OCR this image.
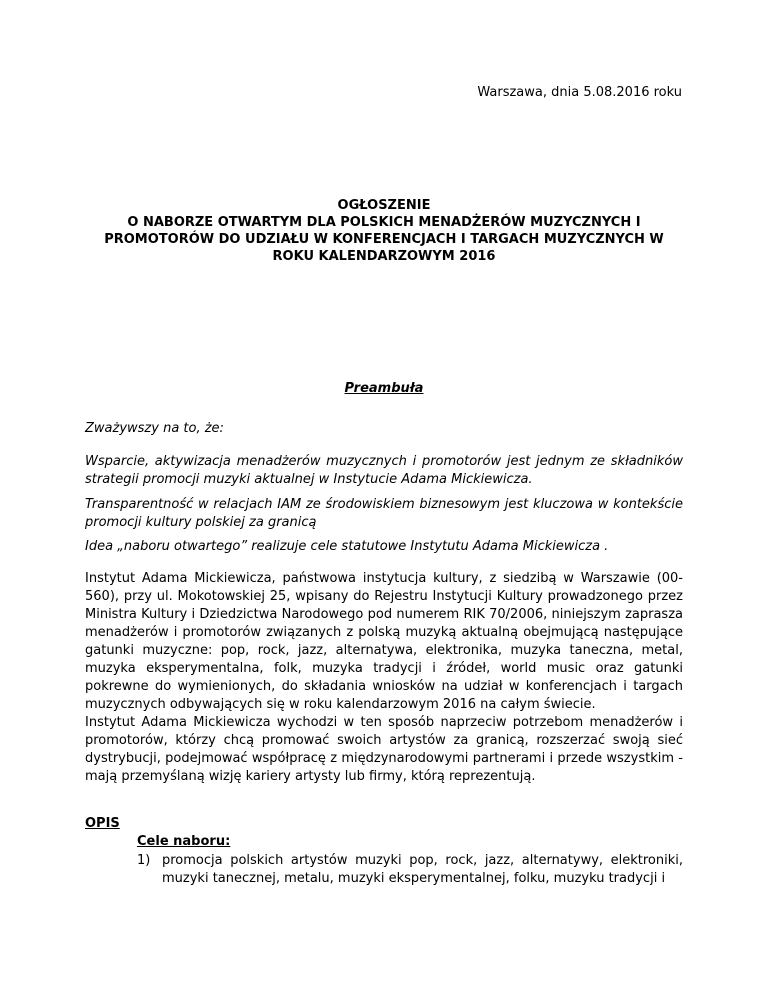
Warszawa, dnia 5.08.2016 roku
OGŁOSZENIE
O NABORZE OTWARTYM DLA POLSKICH MENADŻERÓW MUZYCZNYCH I
PROMOTORÓW DO UDZIAŁU W KONFERENCJACH I TARGACH MUZYCZNYCH W
ROKU KALENDARZOWYM 2016
Preambuła
Zważywszy na to, że:
Wsparcie, aktywizacja menadżerów muzycznych i promotorów jest jednym ze składników strategii promocji muzyki aktualnej w Instytucie Adama Mickiewicza.
Transparentność w relacjach IAM ze środowiskiem biznesowym jest kluczowa w kontekście promocji kultury polskiej za granicą
Idea „naboru otwartego” realizuje cele statutowe Instytutu Adama Mickiewicza .

Instytut Adama Mickiewicza, państwowa instytucja kultury, z siedzibą w Warszawie (00-560), przy ul. Mokotowskiej 25, wpisany do Rejestru Instytucji Kultury prowadzonego przez Ministra Kultury i Dziedzictwa Narodowego pod numerem RIK 70/2006, niniejszym zaprasza menadżerów i promotorów związanych z polską muzyką aktualną obejmującą następujące gatunki muzyczne: pop, rock, jazz, alternatywa, elektronika, muzyka taneczna, metal, muzyka eksperymentalna, folk, muzyka tradycji i źródeł, world music oraz gatunki pokrewne do wymienionych, do składania wniosków na udział w konferencjach i targach muzycznych odbywających się w roku kalendarzowym 2016 na całym świecie.

Instytut Adama Mickiewicza wychodzi w ten sposób naprzeciw potrzebom menadżerów i promotorów, którzy chcą promować swoich artystów za granicą, rozszerzać swoją sieć dystrybucji, podejmować współpracę z międzynarodowymi partnerami i przede wszystkim - mają przemyślaną wizję kariery artysty lub firmy, którą reprezentują.

OPIS
Cele naboru:
1) promocja polskich artystów muzyki pop, rock, jazz, alternatywy, elektroniki, muzyki tanecznej, metalu, muzyki eksperymentalnej, folku, muzyku tradycji i
